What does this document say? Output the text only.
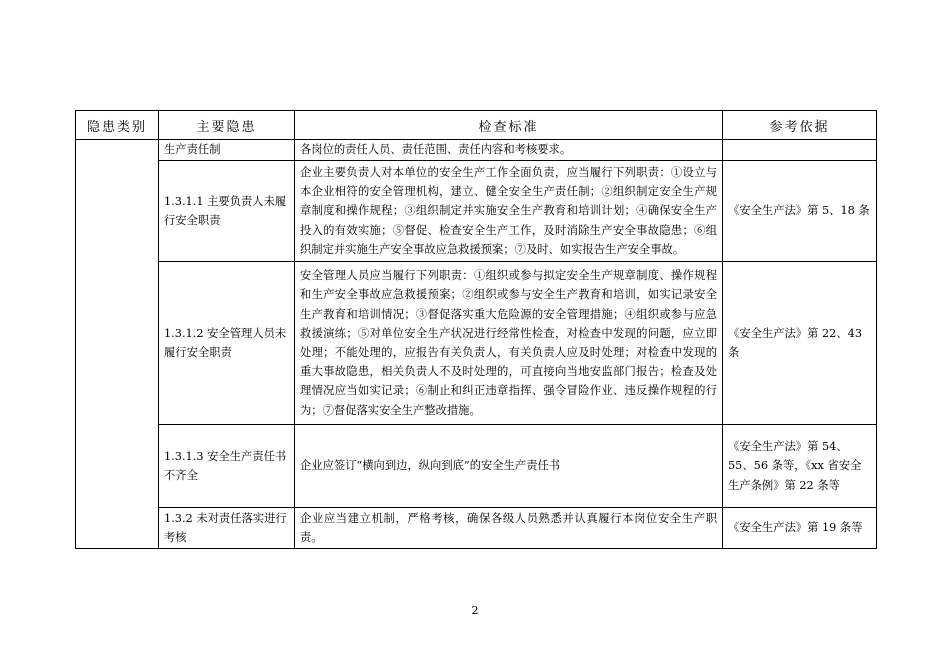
隐患类别	主要隐患	检查标准	参考依据
	生产责任制	各岗位的责任人员、责任范围、责任内容和考核要求。	
	1.3.1.1 主要负责人未履行安全职责	企业主要负责人对本单位的安全生产工作全面负责，应当履行下列职责：①设立与本企业相符的安全管理机构，建立、健全安全生产责任制；②组织制定安全生产规章制度和操作规程；③组织制定并实施安全生产教育和培训计划；④确保安全生产投入的有效实施；⑤督促、检查安全生产工作，及时消除生产安全事故隐患；⑥组织制定并实施生产安全事故应急救援预案；⑦及时、如实报告生产安全事故。	《安全生产法》第 5、18 条
	1.3.1.2 安全管理人员未履行安全职责	安全管理人员应当履行下列职责：①组织或参与拟定安全生产规章制度、操作规程和生产安全事故应急救援预案；②组织或参与安全生产教育和培训，如实记录安全生产教育和培训情况；③督促落实重大危险源的安全管理措施；④组织或参与应急救援演练；⑤对单位安全生产状况进行经常性检查，对检查中发现的问题，应立即处理；不能处理的，应报告有关负责人，有关负责人应及时处理；对检查中发现的重大事故隐患，相关负责人不及时处理的，可直接向当地安监部门报告；检查及处理情况应当如实记录；⑥制止和纠正违章指挥、强令冒险作业、违反操作规程的行为；⑦督促落实安全生产整改措施。	《安全生产法》第 22、43 条
	1.3.1.3 安全生产责任书不齐全	企业应签订“横向到边，纵向到底”的安全生产责任书	《安全生产法》第 54、55、56 条等，《xx 省安全生产条例》第 22 条等
	1.3.2 未对责任落实进行考核	企业应当建立机制，严格考核，确保各级人员熟悉并认真履行本岗位安全生产职责。	《安全生产法》第 19 条等
2
